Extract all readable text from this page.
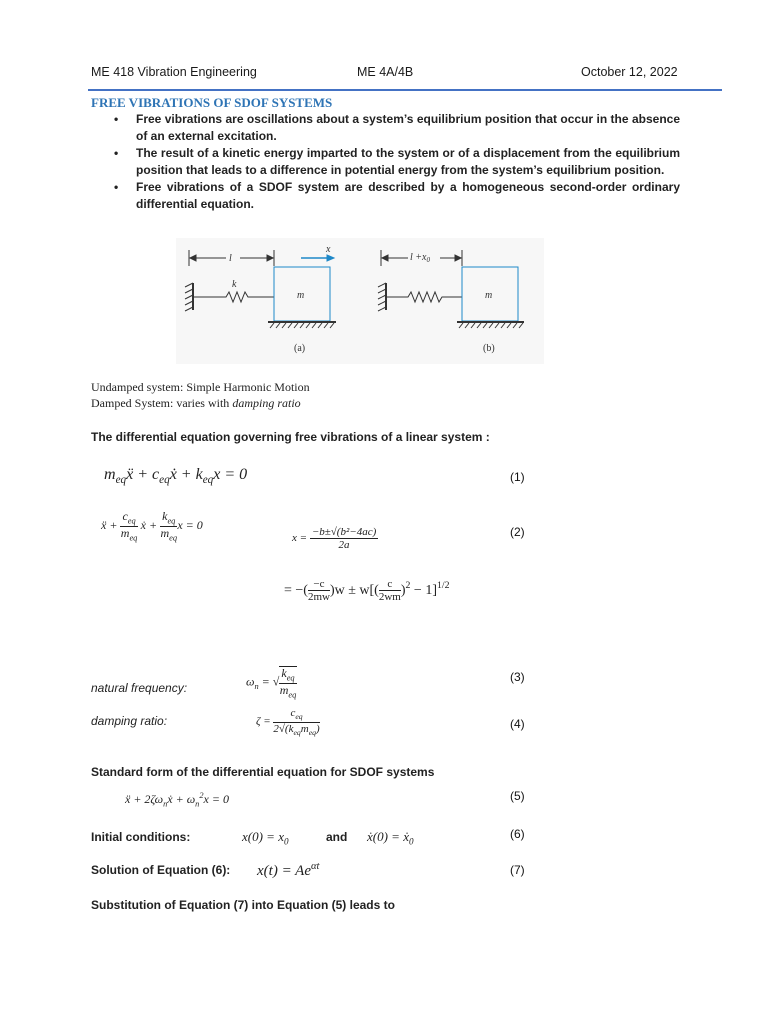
ME 418 Vibration Engineering	ME 4A/4B	October 12, 2022
FREE VIBRATIONS OF SDOF SYSTEMS
• Free vibrations are oscillations about a system’s equilibrium position that occur in the absence of an external excitation.
• The result of a kinetic energy imparted to the system or of a displacement from the equilibrium position that leads to a difference in potential energy from the system’s equilibrium position.
• Free vibrations of a SDOF system are described by a homogeneous second-order ordinary differential equation.
l	$l +x_0$
x
k
m	m
(a)	(b)
Undamped system: Simple Harmonic Motion
Damped System: varies with damping ratio
The differential equation governing free vibrations of a linear system :
$m_{eq}ẍ$ + $c_{eq}ẋ + k_{eq}x = 0$	(1)
ẍ + $\frac{c_{eq}}{m_{eq}}$ ẋ + $\frac{k_{eq}}{m_{eq}}$ x = 0
$x = \frac{\text{−b±√(b²−4ac)}}{2a}$	(2)
= −( $\frac{-c}{2mw} )w \pm w[( \frac{c}{2wm} )^2 - 1]^{1/2}$
natural frequency:	$\omega_n$ = √ $\frac{k_{eq}}{m_{eq}}$	(3)
damping ratio:	$\zeta = \frac{c_{eq}}{2√(k_{eq}m_{eq})}$	(4)
Standard form of the differential equation for SDOF systems
ẍ + $2\zeta\omega_nẋ + \omega_n^2x = 0$	(5)
Initial conditions:	$x(0) = x_0$	and ẋ(0) = ẋ$_0$
(6)
Solution of Equation (6): $x(t) = Ae^{\alpha t}$	(7)
Substitution of Equation (7) into Equation (5) leads to
